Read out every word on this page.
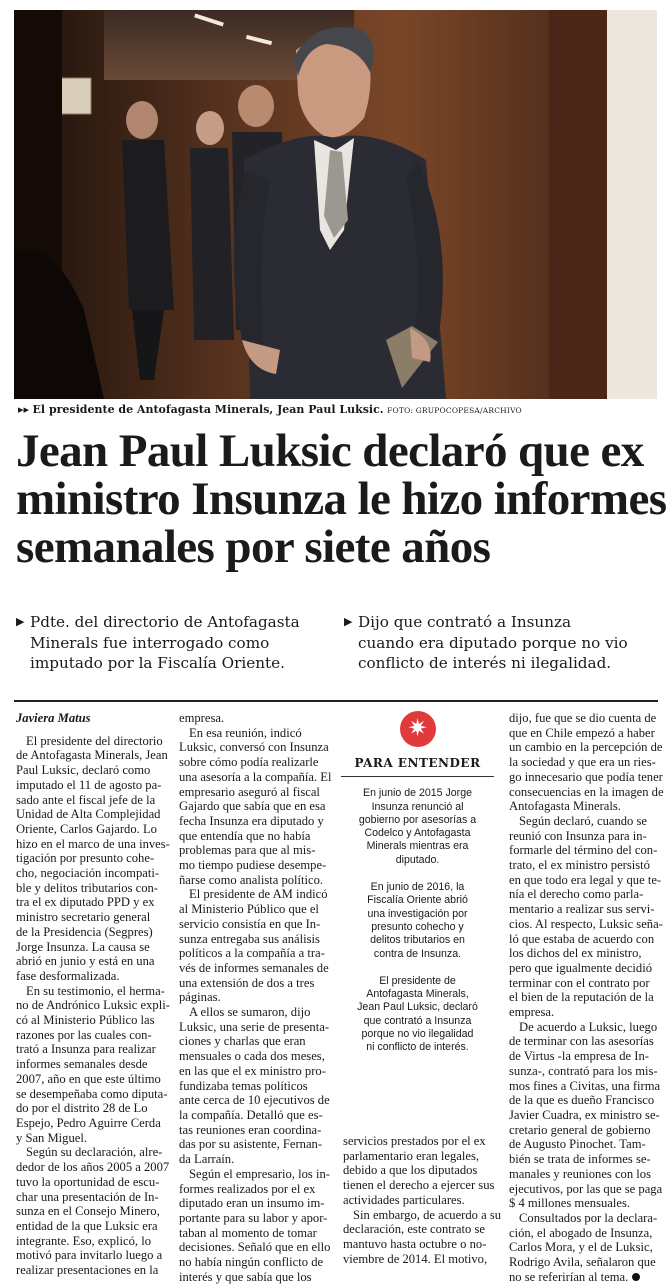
▸▸ El presidente de Antofagasta Minerals, Jean Paul Luksic. FOTO: GRUPOCOPESA/ARCHIVO
Jean Paul Luksic declaró que ex
ministro Insunza le hizo informes
semanales por siete años
▶ Pdte. del directorio de Antofagasta
Minerals fue interrogado como
imputado por la Fiscalía Oriente.
▶ Dijo que contrató a Insunza
cuando era diputado porque no vio
conflicto de interés ni ilegalidad.
Javiera Matus
El presidente del directorio
de Antofagasta Minerals, Jean
Paul Luksic, declaró como
imputado el 11 de agosto pa-
sado ante el fiscal jefe de la
Unidad de Alta Complejidad
Oriente, Carlos Gajardo. Lo
hizo en el marco de una inves-
tigación por presunto cohe-
cho, negociación incompati-
ble y delitos tributarios con-
tra el ex diputado PPD y ex
ministro secretario general
de la Presidencia (Segpres)
Jorge Insunza. La causa se
abrió en junio y está en una
fase desformalizada.
En su testimonio, el herma-
no de Andrónico Luksic expli-
có al Ministerio Público las
razones por las cuales con-
trató a Insunza para realizar
informes semanales desde
2007, año en que este último
se desempeñaba como diputa-
do por el distrito 28 de Lo
Espejo, Pedro Aguirre Cerda
y San Miguel.
Según su declaración, alre-
dedor de los años 2005 a 2007
tuvo la oportunidad de escu-
char una presentación de In-
sunza en el Consejo Minero,
entidad de la que Luksic era
integrante. Eso, explicó, lo
motivó para invitarlo luego a
realizar presentaciones en la
empresa.
En esa reunión, indicó
Luksic, conversó con Insunza
sobre cómo podía realizarle
una asesoría a la compañía. El
empresario aseguró al fiscal
Gajardo que sabía que en esa
fecha Insunza era diputado y
que entendía que no había
problemas para que al mis-
mo tiempo pudiese desempe-
ñarse como analista político.
El presidente de AM indicó
al Ministerio Público que el
servicio consistía en que In-
sunza entregaba sus análisis
políticos a la compañía a tra-
vés de informes semanales de
una extensión de dos a tres
páginas.
A ellos se sumaron, dijo
Luksic, una serie de presenta-
ciones y charlas que eran
mensuales o cada dos meses,
en las que el ex ministro pro-
fundizaba temas políticos
ante cerca de 10 ejecutivos de
la compañía. Detalló que es-
tas reuniones eran coordina-
das por su asistente, Fernan-
da Larraín.
Según el empresario, los in-
formes realizados por el ex
diputado eran un insumo im-
portante para su labor y apor-
taban al momento de tomar
decisiones. Señaló que en ello
no había ningún conflicto de
interés y que sabía que los
✷
PARA ENTENDER
En junio de 2015 Jorge
Insunza renunció al
gobierno por asesorías a
Codelco y Antofagasta
Minerals mientras era
diputado.
En junio de 2016, la
Fiscalía Oriente abrió
una investigación por
presunto cohecho y
delitos tributarios en
contra de Insunza.
El presidente de
Antofagasta Minerals,
Jean Paul Luksic, declaró
que contrató a Insunza
porque no vio ilegalidad
ni conflicto de interés.
servicios prestados por el ex
parlamentario eran legales,
debido a que los diputados
tienen el derecho a ejercer sus
actividades particulares.
Sin embargo, de acuerdo a su
declaración, este contrato se
mantuvo hasta octubre o no-
viembre de 2014. El motivo,
dijo, fue que se dio cuenta de
que en Chile empezó a haber
un cambio en la percepción de
la sociedad y que era un ries-
go innecesario que podía tener
consecuencias en la imagen de
Antofagasta Minerals.
Según declaró, cuando se
reunió con Insunza para in-
formarle del término del con-
trato, el ex ministro persistó
en que todo era legal y que te-
nía el derecho como parla-
mentario a realizar sus servi-
cios. Al respecto, Luksic seña-
ló que estaba de acuerdo con
los dichos del ex ministro,
pero que igualmente decidió
terminar con el contrato por
el bien de la reputación de la
empresa.
De acuerdo a Luksic, luego
de terminar con las asesorías
de Virtus -la empresa de In-
sunza-, contrató para los mis-
mos fines a Civitas, una firma
de la que es dueño Francisco
Javier Cuadra, ex ministro se-
cretario general de gobierno
de Augusto Pinochet. Tam-
bién se trata de informes se-
manales y reuniones con los
ejecutivos, por las que se paga
$ 4 millones mensuales.
Consultados por la declara-
ción, el abogado de Insunza,
Carlos Mora, y el de Luksic,
Rodrigo Avila, señalaron que
no se referirían al tema.
